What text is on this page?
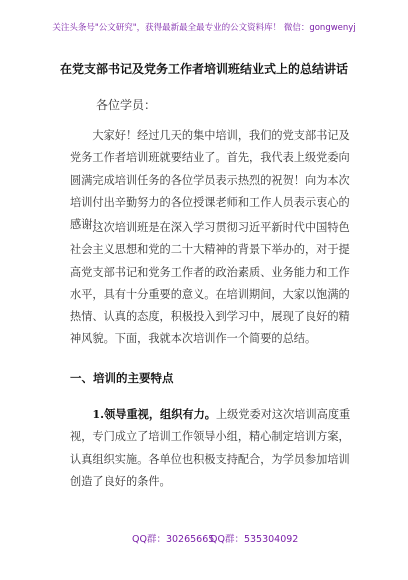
关注头条号"公文研究"，获得最新最全最专业的公文资料库！ 微信：gongwenyj
在党支部书记及党务工作者培训班结业式上的总结讲话
各位学员：
大家好！经过几天的集中培训，我们的党支部书记及
党务工作者培训班就要结业了。首先，我代表上级党委向
圆满完成培训任务的各位学员表示热烈的祝贺！向为本次
培训付出辛勤努力的各位授课老师和工作人员表示衷心的
感谢！
这次培训班是在深入学习贯彻习近平新时代中国特色
社会主义思想和党的二十大精神的背景下举办的，对于提
高党支部书记和党务工作者的政治素质、业务能力和工作
水平，具有十分重要的意义。在培训期间，大家以饱满的
热情、认真的态度，积极投入到学习中，展现了良好的精
神风貌。下面，我就本次培训作一个简要的总结。
一、培训的主要特点
1.领导重视，组织有力。上级党委对这次培训高度重
视，专门成立了培训工作领导小组，精心制定培训方案，
认真组织实施。各单位也积极支持配合，为学员参加培训
创造了良好的条件。
QQ群：30265665
QQ群：535304092
